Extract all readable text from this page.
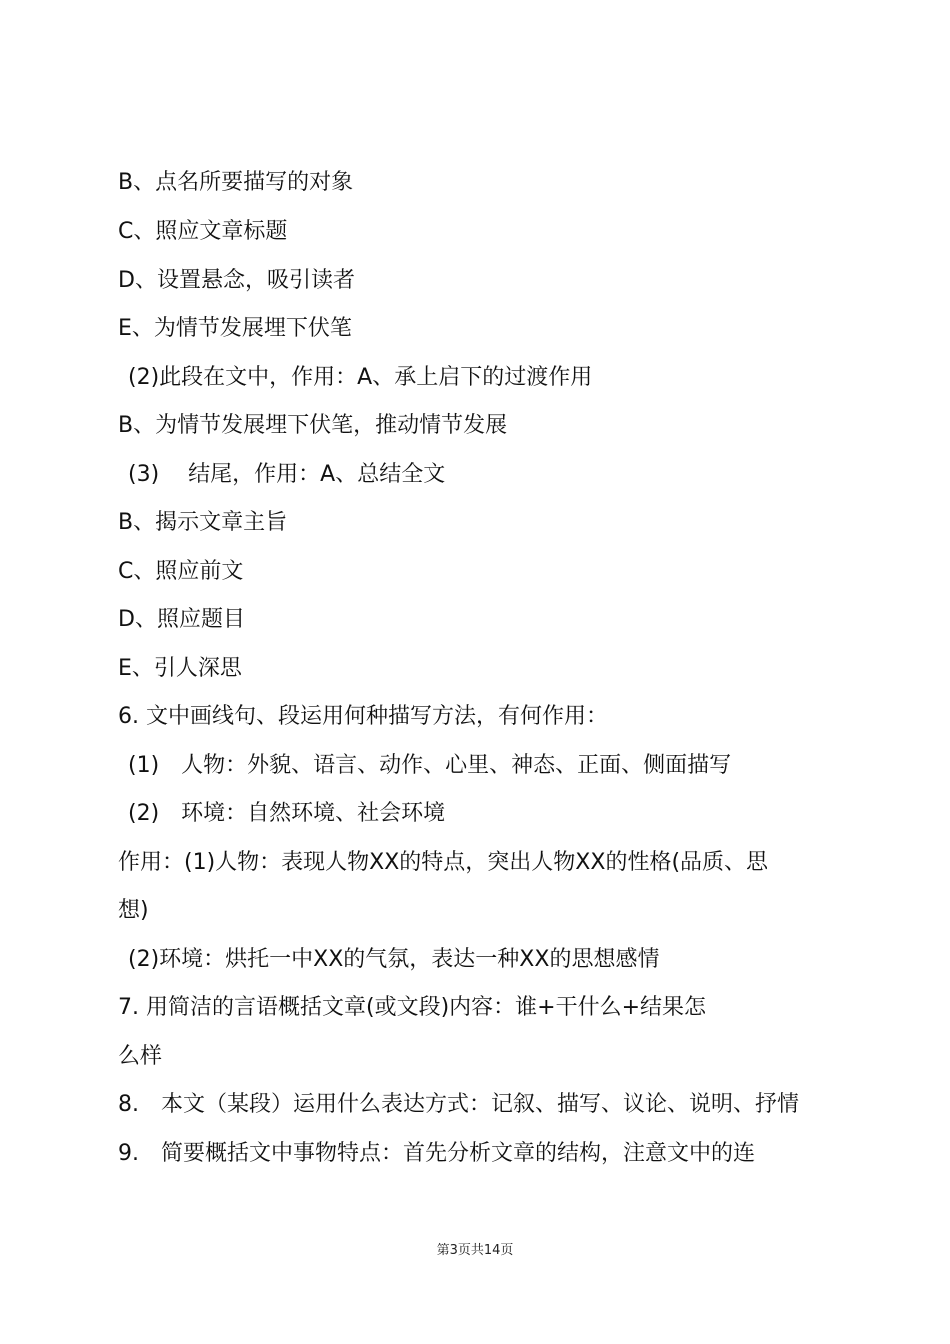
B、点名所要描写的对象
C、照应文章标题
D、设置悬念，吸引读者
E、为情节发展埋下伏笔
(2)此段在文中，作用：A、承上启下的过渡作用
B、为情节发展埋下伏笔，推动情节发展
(3)　 结尾，作用：A、总结全文
B、揭示文章主旨
C、照应前文
D、照应题目
E、引人深思
6. 文中画线句、段运用何种描写方法，有何作用：
(1)　人物：外貌、语言、动作、心里、神态、正面、侧面描写
(2)　环境：自然环境、社会环境
作用：(1)人物：表现人物XX的特点，突出人物XX的性格(品质、思
想)
(2)环境：烘托一中XX的气氛，表达一种XX的思想感情
7. 用简洁的言语概括文章(或文段)内容：谁+干什么+结果怎
么样
8.　本文（某段）运用什么表达方式：记叙、描写、议论、说明、抒情
9.　简要概括文中事物特点：首先分析文章的结构，注意文中的连
第3页共14页
